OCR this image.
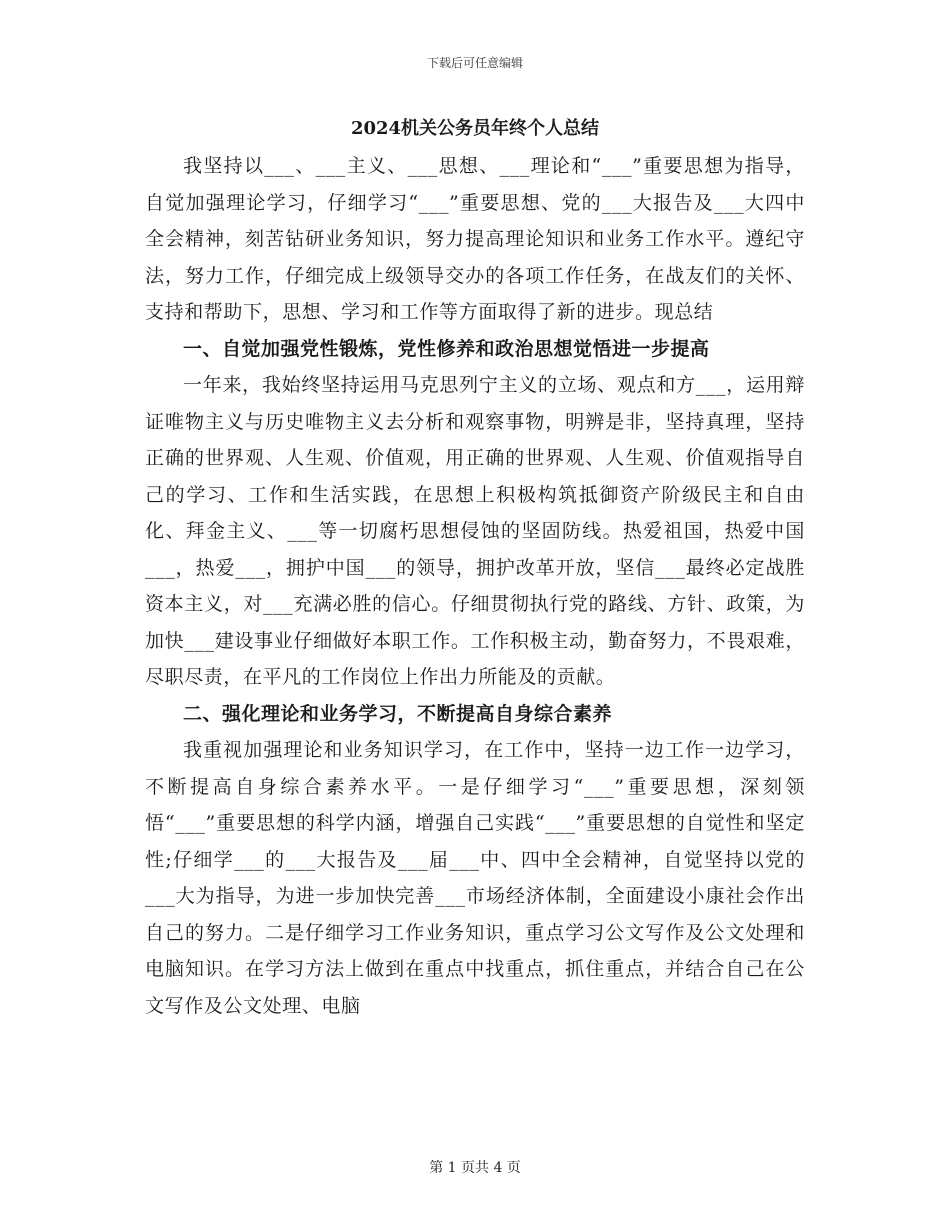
下载后可任意编辑
2024机关公务员年终个人总结

我坚持以___、___主义、___思想、___理论和“___”重要思想为指导，自觉加强理论学习，仔细学习“___”重要思想、党的___大报告及___大四中全会精神，刻苦钻研业务知识，努力提高理论知识和业务工作水平。遵纪守法，努力工作，仔细完成上级领导交办的各项工作任务，在战友们的关怀、支持和帮助下，思想、学习和工作等方面取得了新的进步。现总结

一、自觉加强党性锻炼，党性修养和政治思想觉悟进一步提高

一年来，我始终坚持运用马克思列宁主义的立场、观点和方___，运用辩证唯物主义与历史唯物主义去分析和观察事物，明辨是非，坚持真理，坚持正确的世界观、人生观、价值观，用正确的世界观、人生观、价值观指导自己的学习、工作和生活实践，在思想上积极构筑抵御资产阶级民主和自由化、拜金主义、___等一切腐朽思想侵蚀的坚固防线。热爱祖国，热爱中国___，热爱___，拥护中国___的领导，拥护改革开放，坚信___最终必定战胜资本主义，对___充满必胜的信心。仔细贯彻执行党的路线、方针、政策，为加快___建设事业仔细做好本职工作。工作积极主动，勤奋努力，不畏艰难，尽职尽责，在平凡的工作岗位上作出力所能及的贡献。

二、强化理论和业务学习，不断提高自身综合素养

我重视加强理论和业务知识学习，在工作中，坚持一边工作一边学习，不断提高自身综合素养水平。一是仔细学习“___”重要思想，深刻领悟“___”重要思想的科学内涵，增强自己实践“___”重要思想的自觉性和坚定性;仔细学___的___大报告及___届___中、四中全会精神，自觉坚持以党的___大为指导，为进一步加快完善___市场经济体制，全面建设小康社会作出自己的努力。二是仔细学习工作业务知识，重点学习公文写作及公文处理和电脑知识。在学习方法上做到在重点中找重点，抓住重点，并结合自己在公文写作及公文处理、电脑

第 1 页共 4 页
